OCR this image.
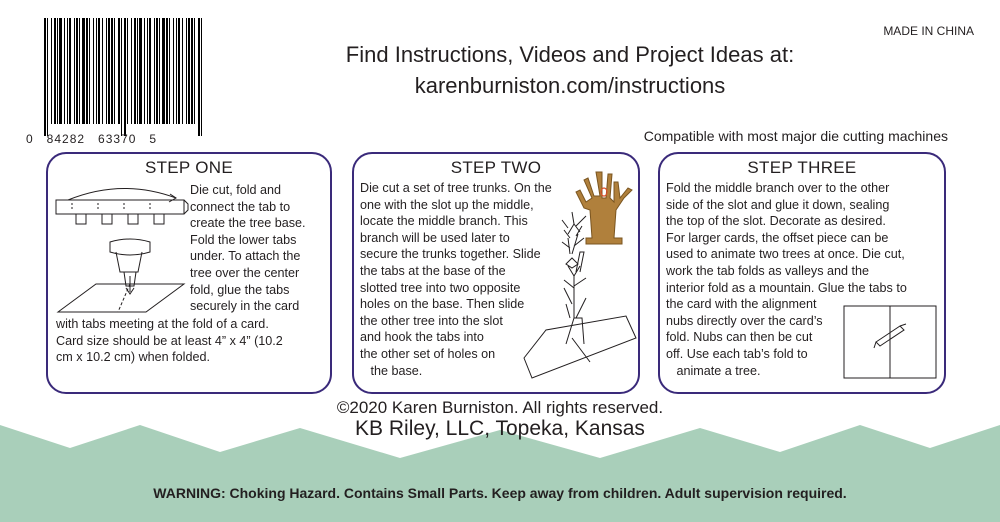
0   84282   63370   5
MADE IN CHINA
Find Instructions, Videos and Project Ideas at:
karenburniston.com/instructions
Compatible with most major die cutting machines
STEP ONE

Die cut, fold and
connect the tab to
create the tree base.
Fold the lower tabs
under. To attach the
tree over the center
fold, glue the tabs
securely in the card

with tabs meeting at the fold of a card.
Card size should be at least 4” x 4” (10.2
cm x 10.2 cm) when folded.

STEP TWO

Die cut a set of tree trunks. On the
one with the slot up the middle,
locate the middle branch. This
branch will be used later to
secure the trunks together. Slide
the tabs at the base of the
slotted tree into two opposite
holes on the base. Then slide
the other tree into the slot
and hook the tabs into
the other set of holes on
the base.

STEP THREE

Fold the middle branch over to the other
side of the slot and glue it down, sealing
the top of the slot. Decorate as desired.
For larger cards, the offset piece can be
used to animate two trees at once. Die cut,
work the tab folds as valleys and the
interior fold as a mountain. Glue the tabs to
the card with the alignment
nubs directly over the card’s
fold. Nubs can then be cut
off. Use each tab’s fold to
animate a tree.

©2020 Karen Burniston. All rights reserved.
KB Riley, LLC, Topeka, Kansas
WARNING: Choking Hazard. Contains Small Parts. Keep away from children. Adult supervision required.
